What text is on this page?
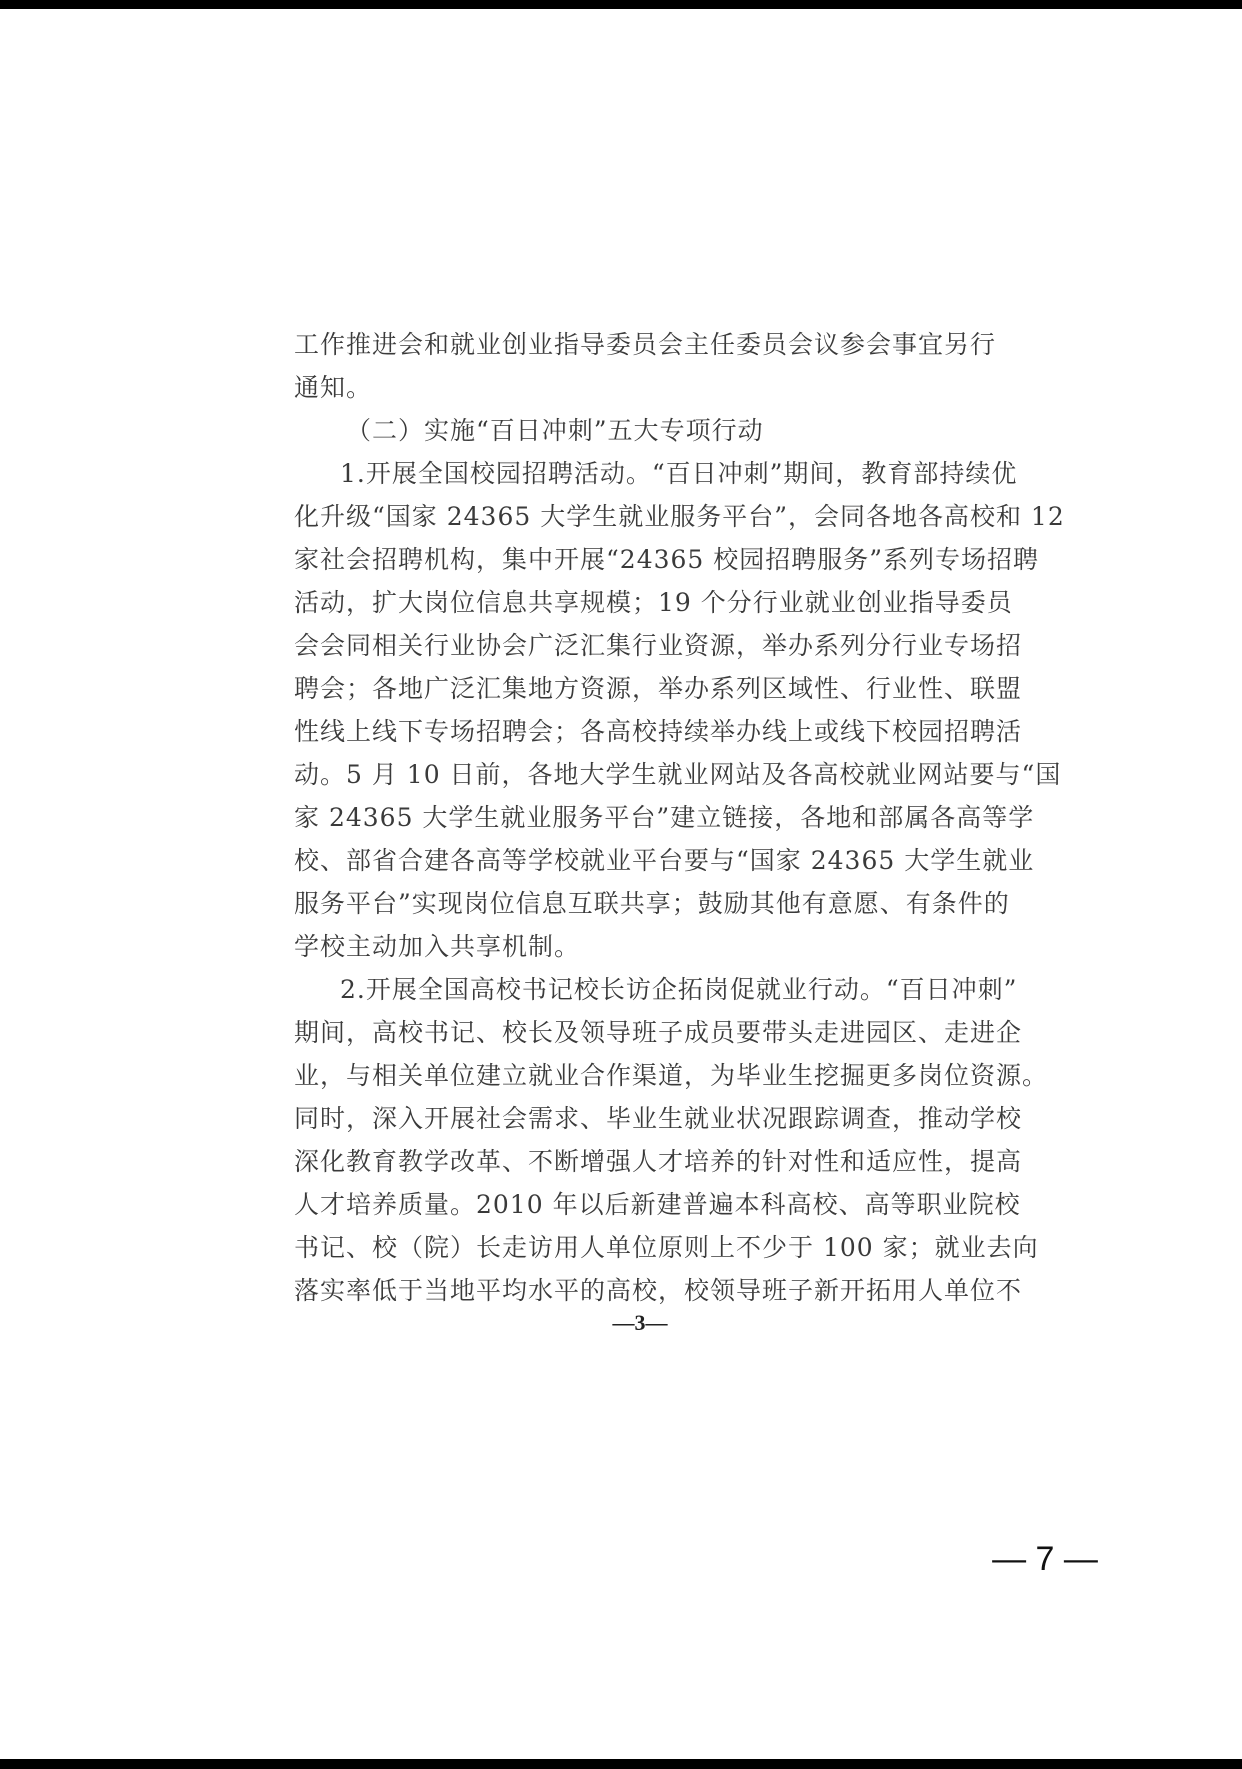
工作推进会和就业创业指导委员会主任委员会议参会事宜另行
通知。
（二）实施“百日冲刺”五大专项行动
1.开展全国校园招聘活动。“百日冲刺”期间，教育部持续优
化升级“国家 24365 大学生就业服务平台”，会同各地各高校和 12
家社会招聘机构，集中开展“24365 校园招聘服务”系列专场招聘
活动，扩大岗位信息共享规模；19 个分行业就业创业指导委员
会会同相关行业协会广泛汇集行业资源，举办系列分行业专场招
聘会；各地广泛汇集地方资源，举办系列区域性、行业性、联盟
性线上线下专场招聘会；各高校持续举办线上或线下校园招聘活
动。5 月 10 日前，各地大学生就业网站及各高校就业网站要与“国
家 24365 大学生就业服务平台”建立链接，各地和部属各高等学
校、部省合建各高等学校就业平台要与“国家 24365 大学生就业
服务平台”实现岗位信息互联共享；鼓励其他有意愿、有条件的
学校主动加入共享机制。
2.开展全国高校书记校长访企拓岗促就业行动。“百日冲刺”
期间，高校书记、校长及领导班子成员要带头走进园区、走进企
业，与相关单位建立就业合作渠道，为毕业生挖掘更多岗位资源。
同时，深入开展社会需求、毕业生就业状况跟踪调查，推动学校
深化教育教学改革、不断增强人才培养的针对性和适应性，提高
人才培养质量。2010 年以后新建普遍本科高校、高等职业院校
书记、校（院）长走访用人单位原则上不少于 100 家；就业去向
落实率低于当地平均水平的高校，校领导班子新开拓用人单位不
—3—
— 7 —
